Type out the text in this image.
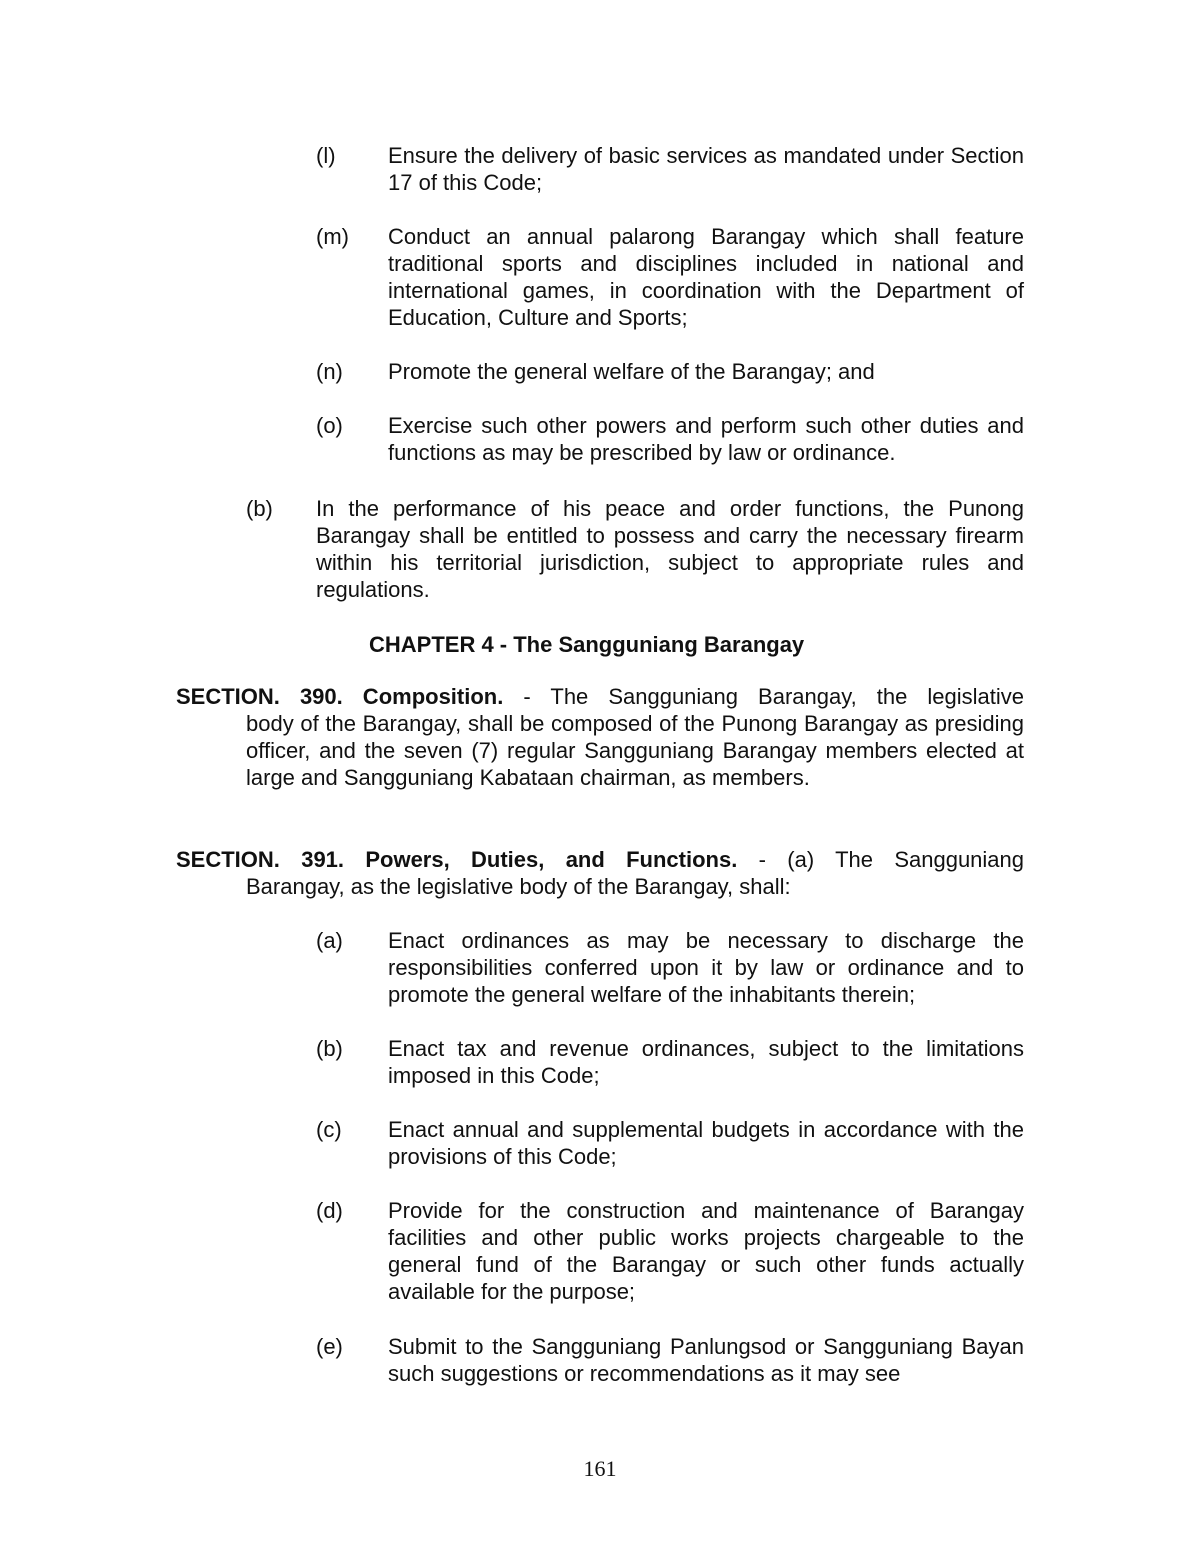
(l) Ensure the delivery of basic services as mandated under Section 17 of this Code;
(m) Conduct an annual palarong Barangay which shall feature traditional sports and disciplines included in national and international games, in coordination with the Department of Education, Culture and Sports;
(n) Promote the general welfare of the Barangay; and
(o) Exercise such other powers and perform such other duties and functions as may be prescribed by law or ordinance.
(b) In the performance of his peace and order functions, the Punong Barangay shall be entitled to possess and carry the necessary firearm within his territorial jurisdiction, subject to appropriate rules and regulations.
CHAPTER 4 - The Sangguniang Barangay
SECTION. 390. Composition. - The Sangguniang Barangay, the legislative
body of the Barangay, shall be composed of the Punong Barangay as presiding officer, and the seven (7) regular Sangguniang Barangay members elected at large and Sangguniang Kabataan chairman, as members.
SECTION. 391. Powers, Duties, and Functions. - (a) The Sangguniang
Barangay, as the legislative body of the Barangay, shall:
(a) Enact ordinances as may be necessary to discharge the responsibilities conferred upon it by law or ordinance and to promote the general welfare of the inhabitants therein;
(b) Enact tax and revenue ordinances, subject to the limitations imposed in this Code;
(c) Enact annual and supplemental budgets in accordance with the provisions of this Code;
(d) Provide for the construction and maintenance of Barangay facilities and other public works projects chargeable to the general fund of the Barangay or such other funds actually available for the purpose;
(e) Submit to the Sangguniang Panlungsod or Sangguniang Bayan such suggestions or recommendations as it may see
161
